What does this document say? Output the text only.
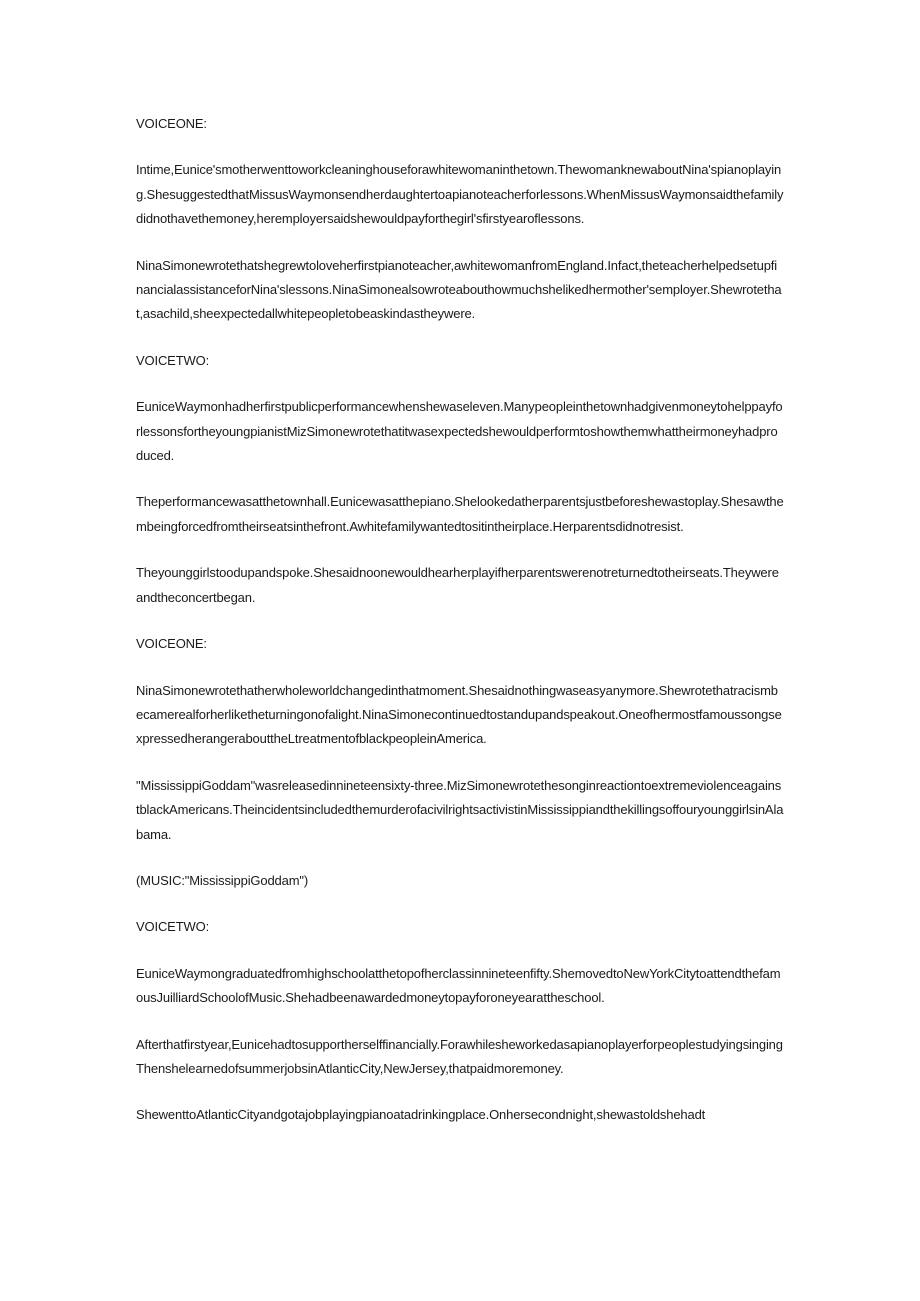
VOICEONE:

Intime,Eunice'smotherwenttoworkcleaninghouseforawhitewomaninthetown.ThewomanknewaboutNina'spianoplaying.ShesuggestedthatMissusWaymonsendherdaughtertoapianoteacherforlessons.WhenMissusWaymonsaidthefamilydidnothavethemoney,heremployersaidshewouldpayforthegirl'sfirstyearoflessons.

NinaSimonewrotethatshegrewtoloveherfirstpianoteacher,awhitewomanfromEngland.Infact,theteacherhelpedsetupfinancialassistanceforNina'slessons.NinaSimonealsowroteabouthowmuchshelikedhermother'semployer.Shewrotethat,asachild,sheexpectedallwhitepeopletobeaskindastheywere.

VOICETWO:

EuniceWaymonhadherfirstpublicperformancewhenshewaseleven.ManypeopleinthetownhadgivenmoneytohelppayforlessonsfortheyoungpianistMizSimonewrotethatitwasexpectedshewouldperformtoshowthemwhattheirmoneyhadproduced.

Theperformancewasatthetownhall.Eunicewasatthepiano.Shelookedatherparentsjustbeforeshewastoplay.Shesawthembeingforcedfromtheirseatsinthefront.Awhitefamilywantedtositintheirplace.Herparentsdidnotresist.

Theyounggirlstoodupandspoke.Shesaidnoonewouldhearherplayifherparentswerenotreturnedtotheirseats.Theywereandtheconcertbegan.

VOICEONE:

NinaSimonewrotethatherwholeworldchangedinthatmoment.Shesaidnothingwaseasyanymore.Shewrotethatracismbecamerealforherliketheturningonofalight.NinaSimonecontinuedtostandupandspeakout.OneofhermostfamoussongsexpressedherangerabouttheLtreatmentofblackpeopleinAmerica.

"MississippiGoddam"wasreleasedinnineteensixty-three.MizSimonewrotethesonginreactiontoextremeviolenceagainstblackAmericans.TheincidentsincludedthemurderofacivilrightsactivistinMississippiandthekillingsoffouryounggirlsinAlabama.

(MUSIC:"MississippiGoddam")

VOICETWO:

EuniceWaymongraduatedfromhighschoolatthetopofherclassinnineteenfifty.ShemovedtoNewYorkCitytoattendthefamousJuilliardSchoolofMusic.Shehadbeenawardedmoneytopayforoneyearattheschool.

Afterthatfirstyear,Eunicehadtosupportherselffinancially.ForawhilesheworkedasapianoplayerforpeoplestudyingsingingThenshelearnedofsummerjobsinAtlanticCity,NewJersey,thatpaidmoremoney.

ShewenttoAtlanticCityandgotajobplayingpianoatadrinkingplace.Onhersecondnight,shewastoldshehadt
